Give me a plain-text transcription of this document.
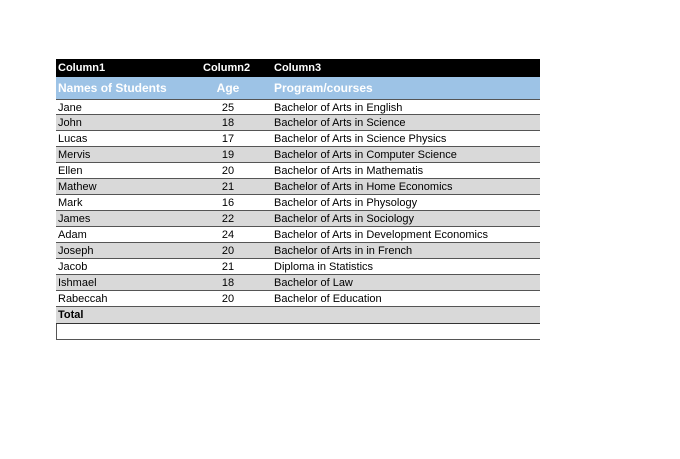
Column1	Column2	Column3
Names of Students	Age	Program/courses
Jane	25	Bachelor of Arts in English
John	18	Bachelor of Arts in Science
Lucas	17	Bachelor of Arts in Science Physics
Mervis	19	Bachelor of Arts in Computer Science
Ellen	20	Bachelor of Arts in Mathematis
Mathew	21	Bachelor of Arts in Home Economics
Mark	16	Bachelor of Arts in Physology
James	22	Bachelor of Arts in Sociology
Adam	24	Bachelor of Arts in Development Economics
Joseph	20	Bachelor of Arts in in French
Jacob	21	Diploma in Statistics
Ishmael	18	Bachelor of Law
Rabeccah	20	Bachelor of Education
Total
